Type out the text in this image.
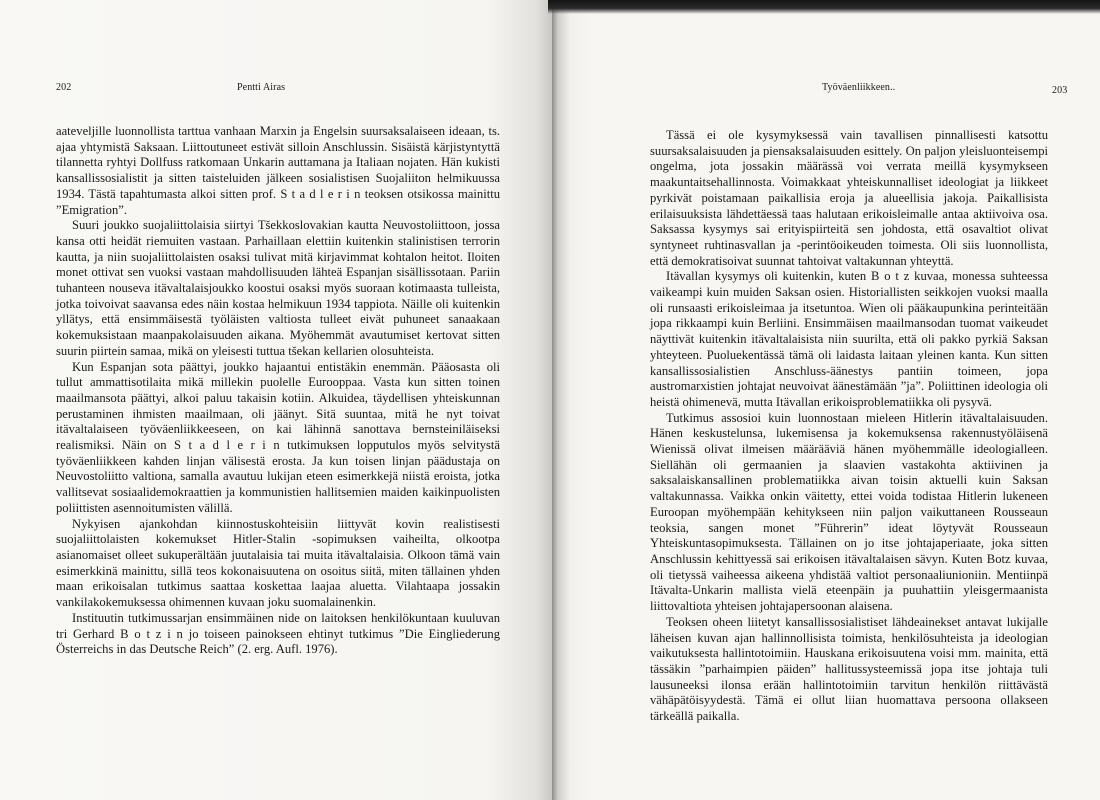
202	Pentti Airas

aateveljille luonnollista tarttua vanhaan Marxin ja Engelsin suursaksalaiseen ideaan, ts. ajaa yhtymistä Saksaan. Liittoutuneet estivät silloin Anschlussin. Sisäistä kärjistyntyttä tilannetta ryhtyi Dollfuss ratkomaan Unkarin auttamana ja Italiaan nojaten. Hän kukisti kansallissosialistit ja sitten taisteluiden jälkeen sosialistisen Suojaliiton helmikuussa 1934. Tästä tapahtumasta alkoi sitten prof. S t a d l e r i n teoksen otsikossa mainittu ”Emigration”.

Suuri joukko suojaliittolaisia siirtyi Tšekkoslovakian kautta Neuvostoliittoon, jossa kansa otti heidät riemuiten vastaan. Parhaillaan elettiin kuitenkin stalinistisen terrorin kautta, ja niin suojaliittolaisten osaksi tulivat mitä kirjavimmat kohtalon heitot. Iloiten monet ottivat sen vuoksi vastaan mahdollisuuden lähteä Espanjan sisällissotaan. Pariin tuhanteen nouseva itävaltalaisjoukko koostui osaksi myös suoraan kotimaasta tulleista, jotka toivoivat saavansa edes näin kostaa helmikuun 1934 tappiota. Näille oli kuitenkin yllätys, että ensimmäisestä työläisten valtiosta tulleet eivät puhuneet sanaakaan kokemuksistaan maanpakolaisuuden aikana. Myöhemmät avautumiset kertovat sitten suurin piirtein samaa, mikä on yleisesti tuttua tšekan kellarien olosuhteista.

Kun Espanjan sota päättyi, joukko hajaantui entistäkin enemmän. Pääosasta oli tullut ammattisotilaita mikä millekin puolelle Eurooppaa. Vasta kun sitten toinen maailmansota päättyi, alkoi paluu takaisin kotiin. Alkuidea, täydellisen yhteiskunnan perustaminen ihmisten maailmaan, oli jäänyt. Sitä suuntaa, mitä he nyt toivat itävaltalaiseen työväenliikkeeseen, on kai lähinnä sanottava bernsteiniläiseksi realismiksi. Näin on S t a d l e r i n tutkimuksen lopputulos myös selvitystä työväenliikkeen kahden linjan välisestä erosta. Ja kun toisen linjan päädustaja on Neuvostoliitto valtiona, samalla avautuu lukijan eteen esimerkkejä niistä eroista, jotka vallitsevat sosiaalidemokraattien ja kommunistien hallitsemien maiden kaikinpuolisten poliittisten asennoitumisten välillä.

Nykyisen ajankohdan kiinnostuskohteisiin liittyvät kovin realistisesti suojaliittolaisten kokemukset Hitler-Stalin -sopimuksen vaiheilta, olkootpa asianomaiset olleet sukuperältään juutalaisia tai muita itävaltalaisia. Olkoon tämä vain esimerkkinä mainittu, sillä teos kokonaisuutena on osoitus siitä, miten tällainen yhden maan erikoisalan tutkimus saattaa koskettaa laajaa aluetta. Vilahtaapa jossakin vankilakokemuksessa ohimennen kuvaan joku suomalainenkin.

Instituutin tutkimussarjan ensimmäinen nide on laitoksen henkilökuntaan kuuluvan tri Gerhard B o t z i n jo toiseen painokseen ehtinyt tutkimus ”Die Eingliederung Österreichs in das Deutsche Reich” (2. erg. Aufl. 1976).

Työväenliikkeen..	203

Tässä ei ole kysymyksessä vain tavallisen pinnallisesti katsottu suursaksalaisuuden ja piensaksalaisuuden esittely. On paljon yleisluonteisempi ongelma, jota jossakin määrässä voi verrata meillä kysymykseen maakuntaitsehallinnosta. Voimakkaat yhteiskunnalliset ideologiat ja liikkeet pyrkivät poistamaan paikallisia eroja ja alueellisia jakoja. Paikallisista erilaisuuksista lähdettäessä taas halutaan erikoisleimalle antaa aktiivoiva osa. Saksassa kysymys sai erityispiirteitä sen johdosta, että osavaltiot olivat syntyneet ruhtinasvallan ja -perintöoikeuden toimesta. Oli siis luonnollista, että demokratisoivat suunnat tahtoivat valtakunnan yhteyttä.

Itävallan kysymys oli kuitenkin, kuten B o t z kuvaa, monessa suhteessa vaikeampi kuin muiden Saksan osien. Historiallisten seikkojen vuoksi maalla oli runsaasti erikoisleimaa ja itsetuntoa. Wien oli pääkaupunkina perinteitään jopa rikkaampi kuin Berliini. Ensimmäisen maailmansodan tuomat vaikeudet näyttivät kuitenkin itävaltalaisista niin suurilta, että oli pakko pyrkiä Saksan yhteyteen. Puoluekentässä tämä oli laidasta laitaan yleinen kanta. Kun sitten kansallissosialistien Anschluss-äänestys pantiin toimeen, jopa austromarxistien johtajat neuvoivat äänestämään ”ja”. Poliittinen ideologia oli heistä ohimenevä, mutta Itävallan erikoisproblematiikka oli pysyvä.

Tutkimus assosioi kuin luonnostaan mieleen Hitlerin itävaltalaisuuden. Hänen keskustelunsa, lukemisensa ja kokemuksensa rakennustyöläisenä Wienissä olivat ilmeisen määrääviä hänen myöhemmälle ideologialleen. Siellähän oli germaanien ja slaavien vastakohta aktiivinen ja saksalaiskansallinen problematiikka aivan toisin aktuelli kuin Saksan valtakunnassa. Vaikka onkin väitetty, ettei voida todistaa Hitlerin lukeneen Euroopan myöhempään kehitykseen niin paljon vaikuttaneen Rousseaun teoksia, sangen monet ”Führerin” ideat löytyvät Rousseaun Yhteiskuntasopimuksesta. Tällainen on jo itse johtajaperiaate, joka sitten Anschlussin kehittyessä sai erikoisen itävaltalaisen sävyn. Kuten Botz kuvaa, oli tietyssä vaiheessa aikeena yhdistää valtiot personaaliunioniin. Mentiinpä Itävalta-Unkarin mallista vielä eteenpäin ja puuhattiin yleisgermaanista liittovaltiota yhteisen johtajapersoonan alaisena.

Teoksen oheen liitetyt kansallissosialistiset lähdeainekset antavat lukijalle läheisen kuvan ajan hallinnollisista toimista, henkilösuhteista ja ideologian vaikutuksesta hallintotoimiin. Hauskana erikoisuutena voisi mm. mainita, että tässäkin ”parhaimpien päiden” hallitussysteemissä jopa itse johtaja tuli lausuneeksi ilonsa erään hallintotoimiin tarvitun henkilön riittävästä vähäpätöisyydestä. Tämä ei ollut liian huomattava persoona ollakseen tärkeällä paikalla.
